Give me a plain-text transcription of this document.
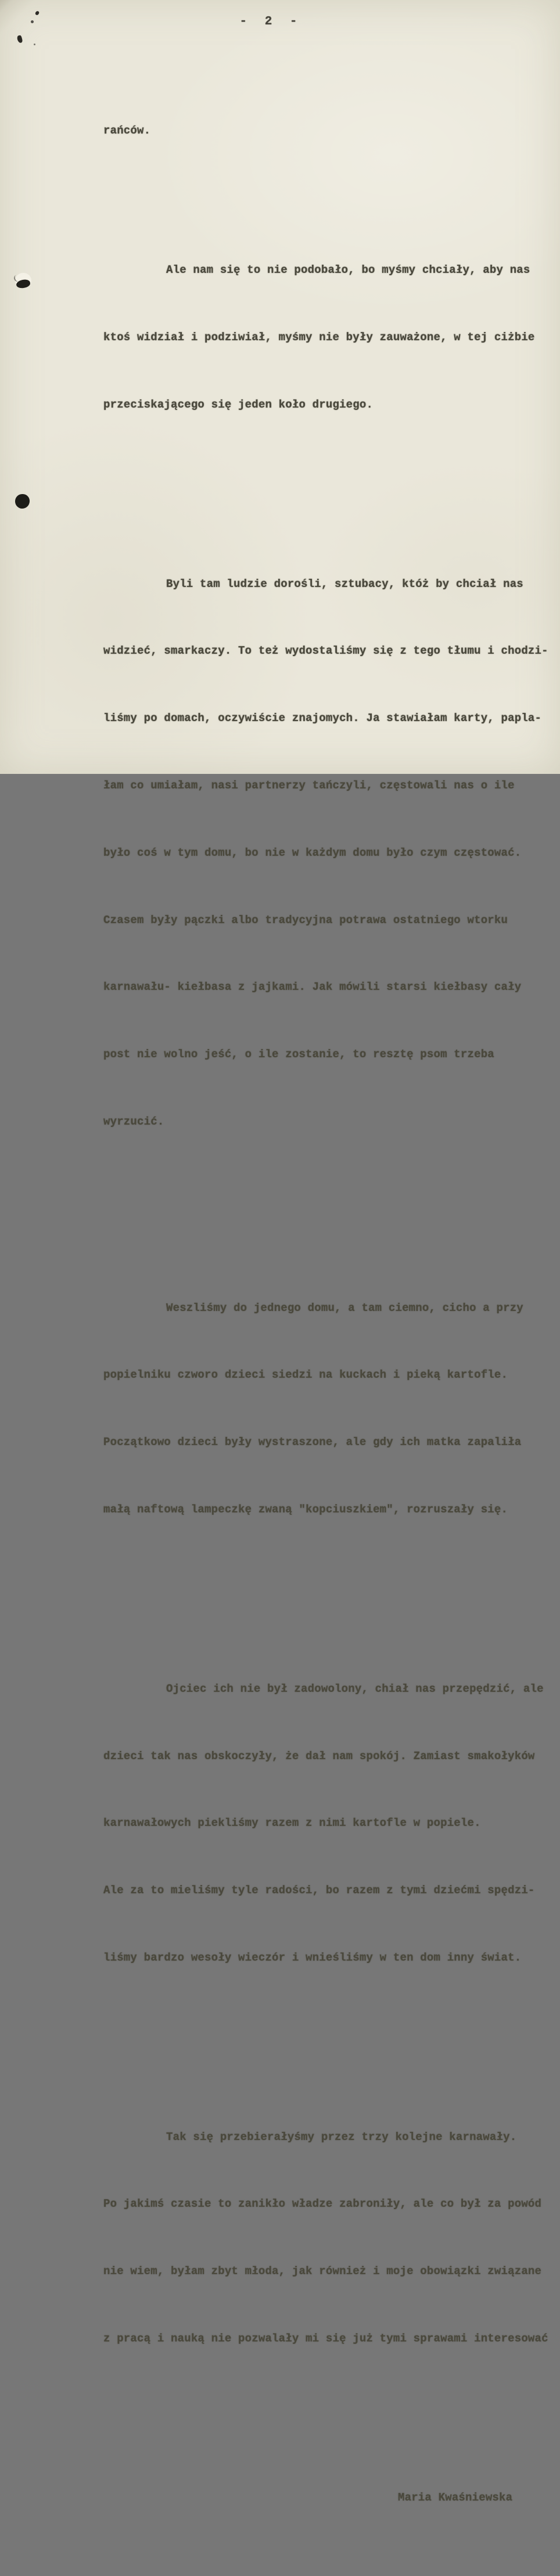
- 2 -

rańców.

Ale nam się to nie podobało, bo myśmy chciały, aby nas

ktoś widział i podziwiał, myśmy nie były zauważone, w tej ciżbie

przeciskającego się jeden koło drugiego.

Byli tam ludzie dorośli, sztubacy, któż by chciał nas

widzieć, smarkaczy. To też wydostaliśmy się z tego tłumu i chodzi-

liśmy po domach, oczywiście znajomych. Ja stawiałam karty, papla-

łam co umiałam, nasi partnerzy tańczyli, częstowali nas o ile

było coś w tym domu, bo nie w każdym domu było czym częstować.

Czasem były pączki albo tradycyjna potrawa ostatniego wtorku

karnawału- kiełbasa z jajkami. Jak mówili starsi kiełbasy cały

post nie wolno jeść, o ile zostanie, to resztę psom trzeba

wyrzucić.

Weszliśmy do jednego domu, a tam ciemno, cicho a przy

popielniku czworo dzieci siedzi na kuckach i pieką kartofle.

Początkowo dzieci były wystraszone, ale gdy ich matka zapaliła

małą naftową lampeczkę zwaną "kopciuszkiem", rozruszały się.

Ojciec ich nie był zadowolony, chiał nas przepędzić, ale

dzieci tak nas obskoczyły, że dał nam spokój. Zamiast smakołyków

karnawałowych piekliśmy razem z nimi kartofle w popiele.

Ale za to mieliśmy tyle radości, bo razem z tymi dziećmi spędzi-

liśmy bardzo wesoły wieczór i wnieśliśmy w ten dom inny świat.

Tak się przebierałyśmy przez trzy kolejne karnawały.

Po jakimś czasie to zanikło władze zabroniły, ale co był za powód

nie wiem, byłam zbyt młoda, jak również i moje obowiązki związane

z pracą i nauką nie pozwalały mi się już tymi sprawami interesować

Maria Kwaśniewska
